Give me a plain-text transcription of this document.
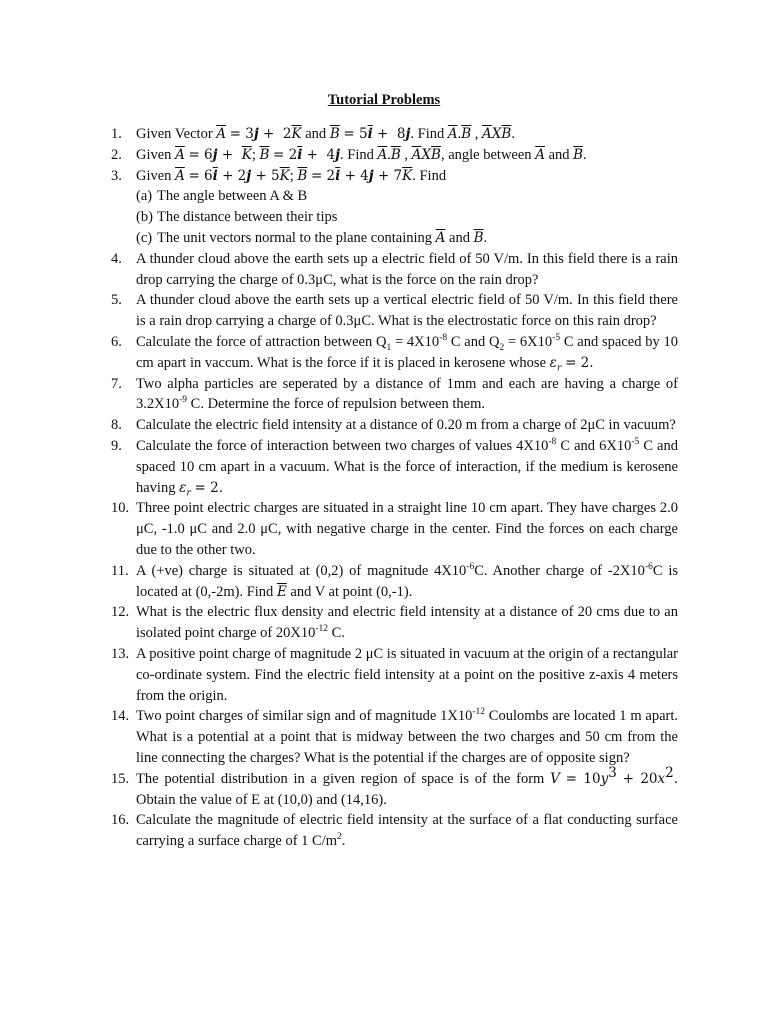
Tutorial Problems
1. Given Vector $\overline{A} = 3j + 2\overline{K}$ and $\overline{B} = 5\overline{i} + 8j$. Find $\overline{A}.\overline{B}$ , $\overline{A}X\overline{B}$.
2. Given $\overline{A} = 6j + \overline{K}$; $\overline{B} = 2\overline{i} + 4j$. Find $\overline{A}.\overline{B}$ , $\overline{A}X\overline{B}$, angle between $\overline{A}$ and $\overline{B}$.
3. Given $\overline{A} = 6\overline{i} + 2j + 5\overline{K}$; $\overline{B} = 2\overline{i} + 4j + 7\overline{K}$. Find
(a) The angle between A & B
(b) The distance between their tips
(c) The unit vectors normal to the plane containing $\overline{A}$ and $\overline{B}$.
4. A thunder cloud above the earth sets up a electric field of 50 V/m. In this field there is a rain drop carrying the charge of 0.3μC, what is the force on the rain drop?
5. A thunder cloud above the earth sets up a vertical electric field of 50 V/m. In this field there is a rain drop carrying a charge of 0.3μC. What is the electrostatic force on this rain drop?
6. Calculate the force of attraction between $Q_1 = 4X10^{-8}$ C and $Q_2 = 6X10^{-5}$ C and spaced by 10 cm apart in vaccum. What is the force if it is placed in kerosene whose $\varepsilon_r = 2$.
7. Two alpha particles are seperated by a distance of 1mm and each are having a charge of $3.2X10^{-9}$ C. Determine the force of repulsion between them.
8. Calculate the electric field intensity at a distance of 0.20 m from a charge of 2μC in vacuum?
9. Calculate the force of interaction between two charges of values $4X10^{-8}$ C and $6X10^{-5}$ C and spaced 10 cm apart in a vacuum. What is the force of interaction, if the medium is kerosene having $\varepsilon_r = 2$.
10. Three point electric charges are situated in a straight line 10 cm apart. They have charges 2.0 μC, -1.0 μC and 2.0 μC, with negative charge in the center. Find the forces on each charge due to the other two.
11. A (+ve) charge is situated at (0,2) of magnitude $4X10^{-6}C$. Another charge of $-2X10^{-6}C$ is located at (0,-2m). Find $\overline{E}$ and V at point (0,-1).
12. What is the electric flux density and electric field intensity at a distance of 20 cms due to an isolated point charge of $20X10^{-12}$ C.
13. A positive point charge of magnitude 2 μC is situated in vacuum at the origin of a rectangular co-ordinate system. Find the electric field intensity at a point on the positive z-axis 4 meters from the origin.
14. Two point charges of similar sign and of magnitude $1X10^{-12}$ Coulombs are located 1 m apart. What is a potential at a point that is midway between the two charges and 50 cm from the line connecting the charges? What is the potential if the charges are of opposite sign?
15. The potential distribution in a given region of space is of the form $V = 10y^3 + 20x^2$. Obtain the value of E at (10,0) and (14,16).
16. Calculate the magnitude of electric field intensity at the surface of a flat conducting surface carrying a surface charge of 1 $C/m^2$.
